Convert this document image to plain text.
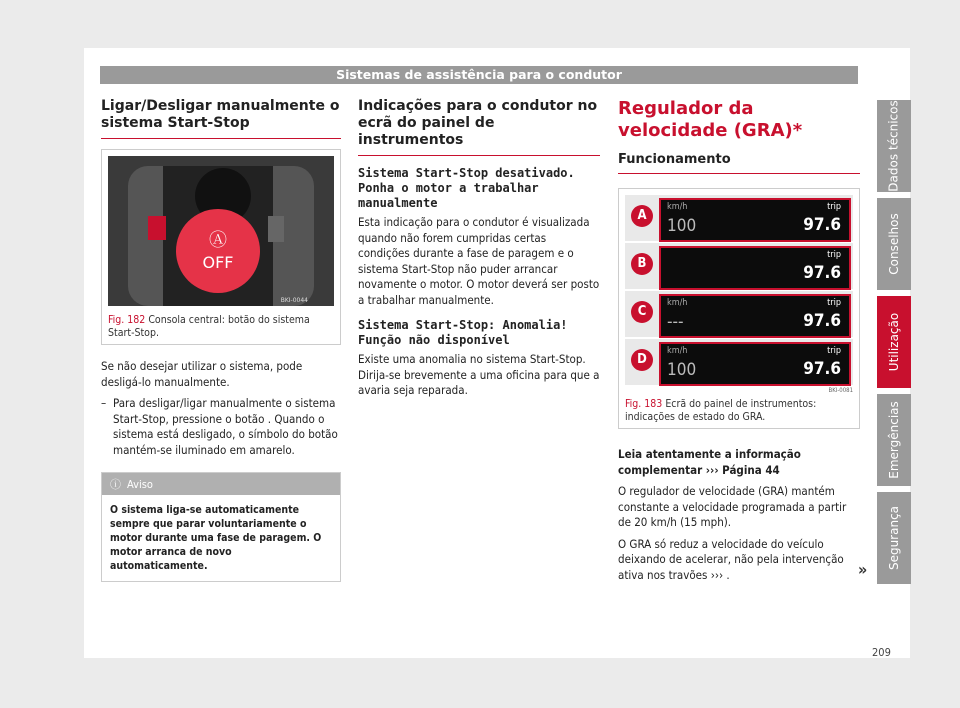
Sistemas de assistência para o condutor
Ligar/Desligar manualmente o sistema Start-Stop
Ⓐ
OFF
BKI-0044
Fig. 182 Consola central: botão do sistema Start-Stop.

Se não desejar utilizar o sistema, pode desligá-lo manualmente.

– Para desligar/ligar manualmente o sistema Start-Stop, pressione o botão . Quando o sistema está desligado, o símbolo do botão mantém-se iluminado em amarelo.
ⓘ Aviso
O sistema liga-se automaticamente sempre que parar voluntariamente o motor durante uma fase de paragem. O motor arranca de novo automaticamente.
Indicações para o condutor no ecrã do painel de instrumentos
Sistema Start-Stop desativado. Ponha o motor a trabalhar manualmente

Esta indicação para o condutor é visualizada quando não forem cumpridas certas condições durante a fase de paragem e o sistema Start-Stop não puder arrancar novamente o motor. O motor deverá ser posto a trabalhar manualmente.

Sistema Start-Stop: Anomalia! Função não disponível

Existe uma anomalia no sistema Start-Stop. Dirija-se brevemente a uma oficina para que a avaria seja reparada.

Regulador da velocidade (GRA)*
Funcionamento
A
km/h
100
trip
97.6
B
trip
97.6
C
km/h
---
trip
97.6
D
km/h
100
trip
97.6
BKI-0081
Fig. 183 Ecrã do painel de instrumentos: indicações de estado do GRA.

Leia atentamente a informação complementar ››› Página 44

O regulador de velocidade (GRA) mantém constante a velocidade programada a partir de 20 km/h (15 mph).

O GRA só reduz a velocidade do veículo deixando de acelerar, não pela intervenção ativa nos travões ››› .

Dados técnicos
Conselhos
Utilização
Emergências
Segurança
»
209
